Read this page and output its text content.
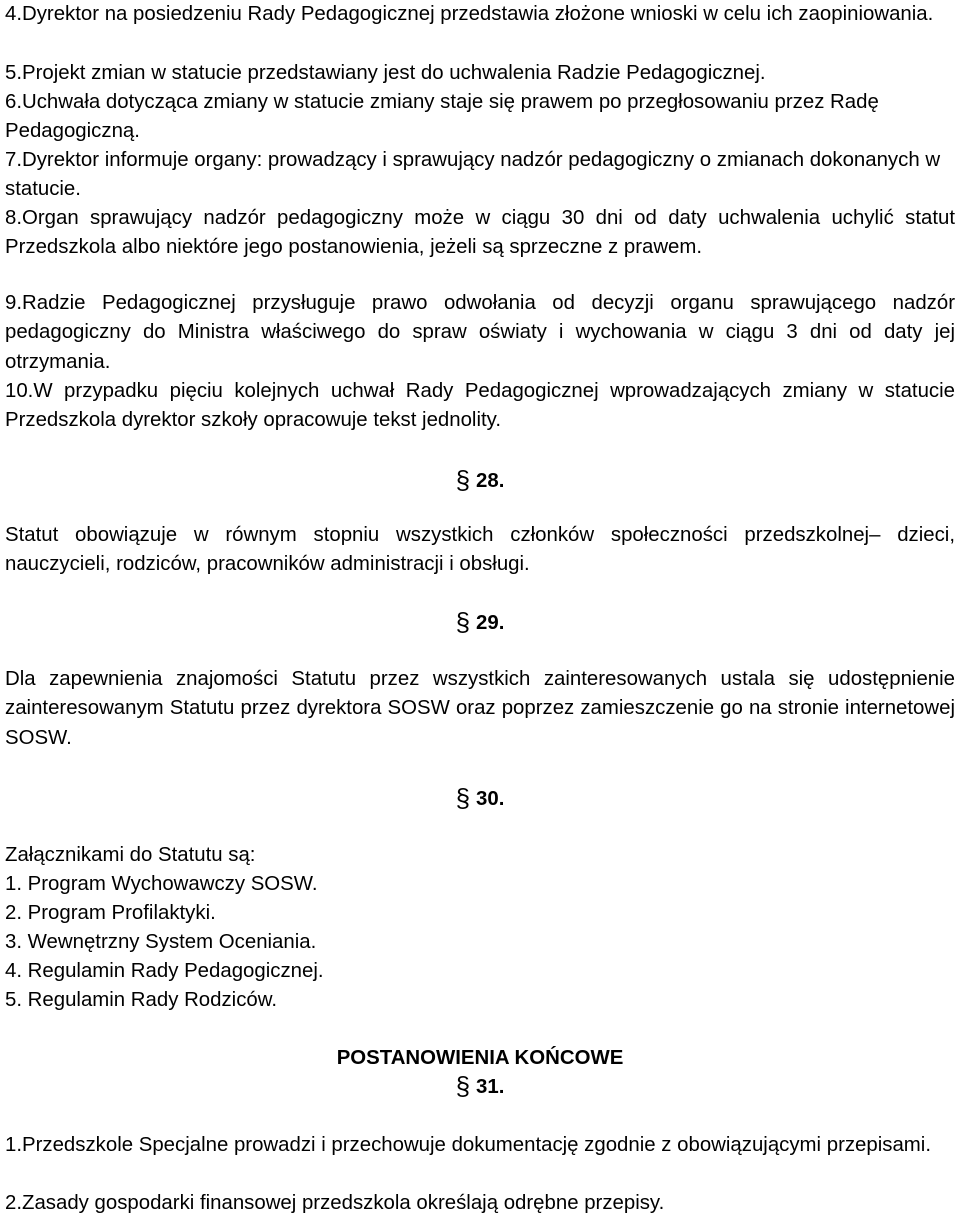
4.Dyrektor na posiedzeniu Rady Pedagogicznej przedstawia złożone wnioski w celu ich zaopiniowania.
5.Projekt zmian w statucie przedstawiany jest do uchwalenia Radzie Pedagogicznej.
6.Uchwała dotycząca zmiany w statucie zmiany staje się prawem po przegłosowaniu przez Radę Pedagogiczną.
7.Dyrektor informuje organy: prowadzący i sprawujący nadzór pedagogiczny o zmianach dokonanych w statucie.
8.Organ sprawujący nadzór pedagogiczny może w ciągu 30 dni od daty uchwalenia uchylić statut Przedszkola albo niektóre jego postanowienia, jeżeli są sprzeczne z prawem.
9.Radzie Pedagogicznej przysługuje prawo odwołania od decyzji organu sprawującego nadzór pedagogiczny do Ministra właściwego do spraw oświaty i wychowania w ciągu 3 dni od daty jej otrzymania.
10.W przypadku pięciu kolejnych uchwał Rady Pedagogicznej wprowadzających zmiany w statucie Przedszkola dyrektor szkoły opracowuje tekst jednolity.
§ 28.
Statut obowiązuje w równym stopniu wszystkich członków społeczności przedszkolnej– dzieci, nauczycieli, rodziców, pracowników administracji i obsługi.
§ 29.
Dla zapewnienia znajomości Statutu przez wszystkich zainteresowanych ustala się udostępnienie zainteresowanym Statutu przez dyrektora SOSW oraz poprzez zamieszczenie go na stronie internetowej SOSW.
§ 30.
Załącznikami do Statutu są:
1. Program Wychowawczy SOSW.
2. Program Profilaktyki.
3. Wewnętrzny System Oceniania.
4. Regulamin Rady Pedagogicznej.
5. Regulamin Rady Rodziców.
POSTANOWIENIA KOŃCOWE
§ 31.
1.Przedszkole Specjalne prowadzi i przechowuje dokumentację zgodnie z obowiązującymi przepisami.
2.Zasady gospodarki finansowej przedszkola określają odrębne przepisy.
